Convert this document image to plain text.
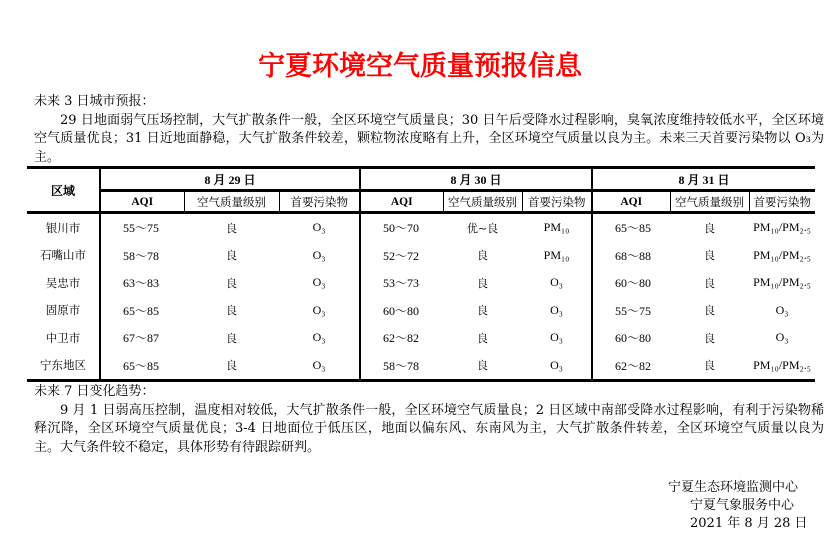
宁夏环境空气质量预报信息
未来 3 日城市预报：
29 日地面弱气压场控制，大气扩散条件一般，全区环境空气质量良；30 日午后受降水过程影响，臭氧浓度维持较低水平，全区环境空气质量优良；31 日近地面静稳，大气扩散条件较差，颗粒物浓度略有上升，全区环境空气质量以良为主。未来三天首要污染物以 O₃为主。
区域	8 月 29 日			8 月 30 日			8 月 31 日		
	AQI	空气质量级别	首要污染物	AQI	空气质量级别	首要污染物	AQI	空气质量级别	首要污染物
银川市	55～75	良	O₃	50～70	优~良	PM₁₀	65～85	良	PM₁₀/PM₂.₅
石嘴山市	58～78	良	O₃	52～72	良	PM₁₀	68～88	良	PM₁₀/PM₂.₅
吴忠市	63～83	良	O₃	53～73	良	O₃	60～80	良	PM₁₀/PM₂.₅
固原市	65～85	良	O₃	60～80	良	O₃	55～75	良	O₃
中卫市	67～87	良	O₃	62～82	良	O₃	60～80	良	O₃
宁东地区	65～85	良	O₃	58～78	良	O₃	62～82	良	PM₁₀/PM₂.₅
未来 7 日变化趋势：
9 月 1 日弱高压控制，温度相对较低，大气扩散条件一般，全区环境空气质量良；2 日区域中南部受降水过程影响，有利于污染物稀释沉降，全区环境空气质量优良；3-4 日地面位于低压区，地面以偏东风、东南风为主，大气扩散条件转差，全区环境空气质量以良为主。大气条件较不稳定，具体形势有待跟踪研判。
宁夏生态环境监测中心
宁夏气象服务中心
2021 年 8 月 28 日
